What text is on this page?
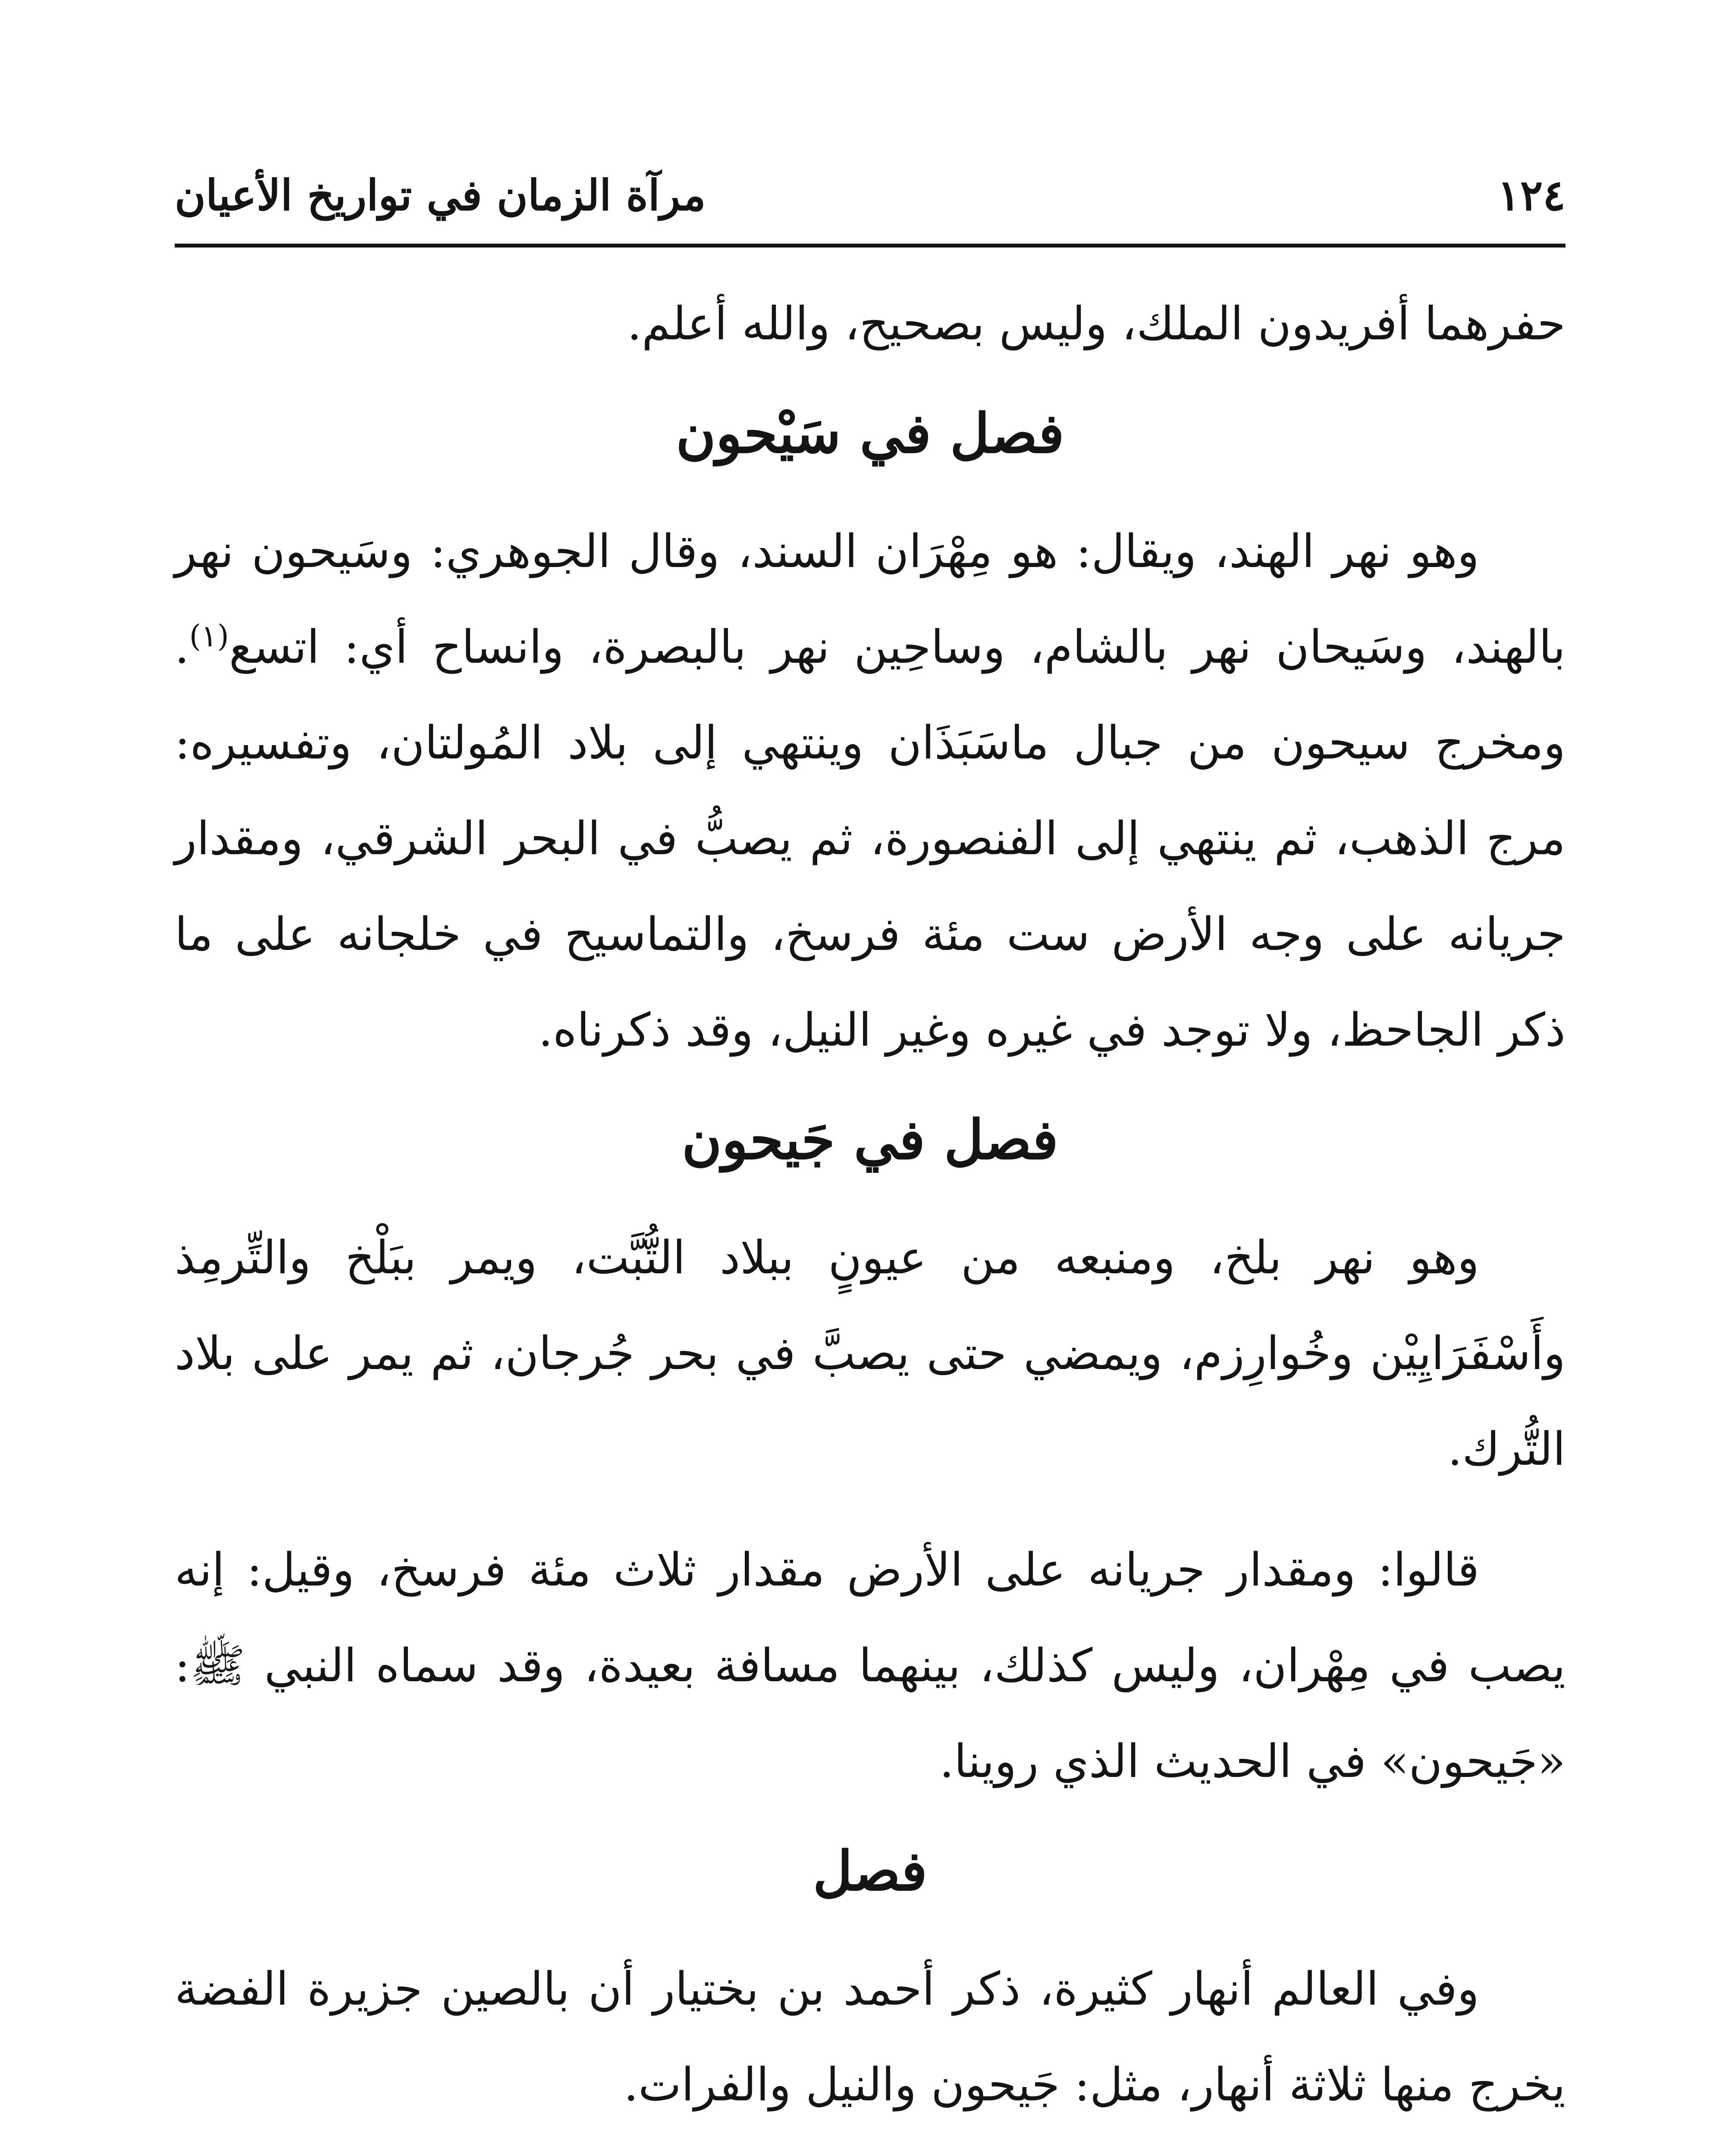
١٢٤
مرآة الزمان في تواريخ الأعيان

حفرهما أفريدون الملك، وليس بصحيح، والله أعلم.

فصل في سَيْحون

وهو نهر الهند، ويقال: هو مِهْرَان السند، وقال الجوهري: وسَيحون نهر بالهند، وسَيحان نهر بالشام، وساحِين نهر بالبصرة، وانساح أي: اتسع$^{(١)}$. ومخرج سيحون من جبال ماسَبَذَان وينتهي إلى بلاد المُولتان، وتفسيره: مرج الذهب، ثم ينتهي إلى الفنصورة، ثم يصبُّ في البحر الشرقي، ومقدار جريانه على وجه الأرض ست مئة فرسخ، والتماسيح في خلجانه على ما ذكر الجاحظ، ولا توجد في غيره وغير النيل، وقد ذكرناه.

فصل في جَيحون

وهو نهر بلخ، ومنبعه من عيونٍ ببلاد التُّبَّت، ويمر ببَلْخ والتِّرمِذ وأَسْفَرَايِيْن وخُوارِزم، ويمضي حتى يصبَّ في بحر جُرجان، ثم يمر على بلاد التُّرك.

قالوا: ومقدار جريانه على الأرض مقدار ثلاث مئة فرسخ، وقيل: إنه يصب في مِهْران، وليس كذلك، بينهما مسافة بعيدة، وقد سماه النبي ﷺ: «جَيحون» في الحديث الذي روينا.

فصل

وفي العالم أنهار كثيرة، ذكر أحمد بن بختيار أن بالصين جزيرة الفضة يخرج منها ثلاثة أنهار، مثل: جَيحون والنيل والفرات.
